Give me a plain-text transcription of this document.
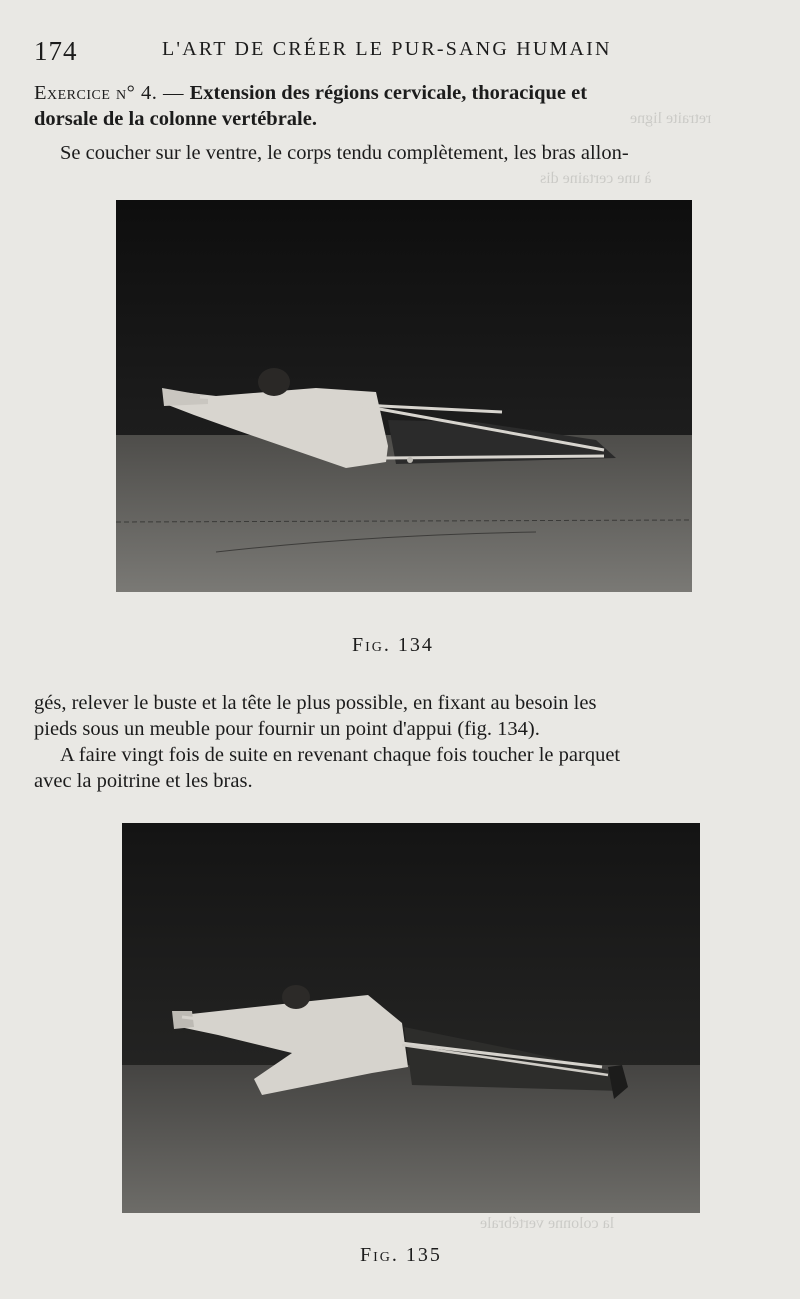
retraite ligne
à une certaine dis
la colonne vertébrale
174	L'ART DE CRÉER LE PUR-SANG HUMAIN
Exercice n° 4. — Extension des régions cervicale, thoracique et
dorsale de la colonne vertébrale.
Se coucher sur le ventre, le corps tendu complètement, les bras allon-
Fig. 134
gés, relever le buste et la tête le plus possible, en fixant au besoin les
pieds sous un meuble pour fournir un point d'appui (fig. 134).
A faire vingt fois de suite en revenant chaque fois toucher le parquet
avec la poitrine et les bras.
Fig. 135
